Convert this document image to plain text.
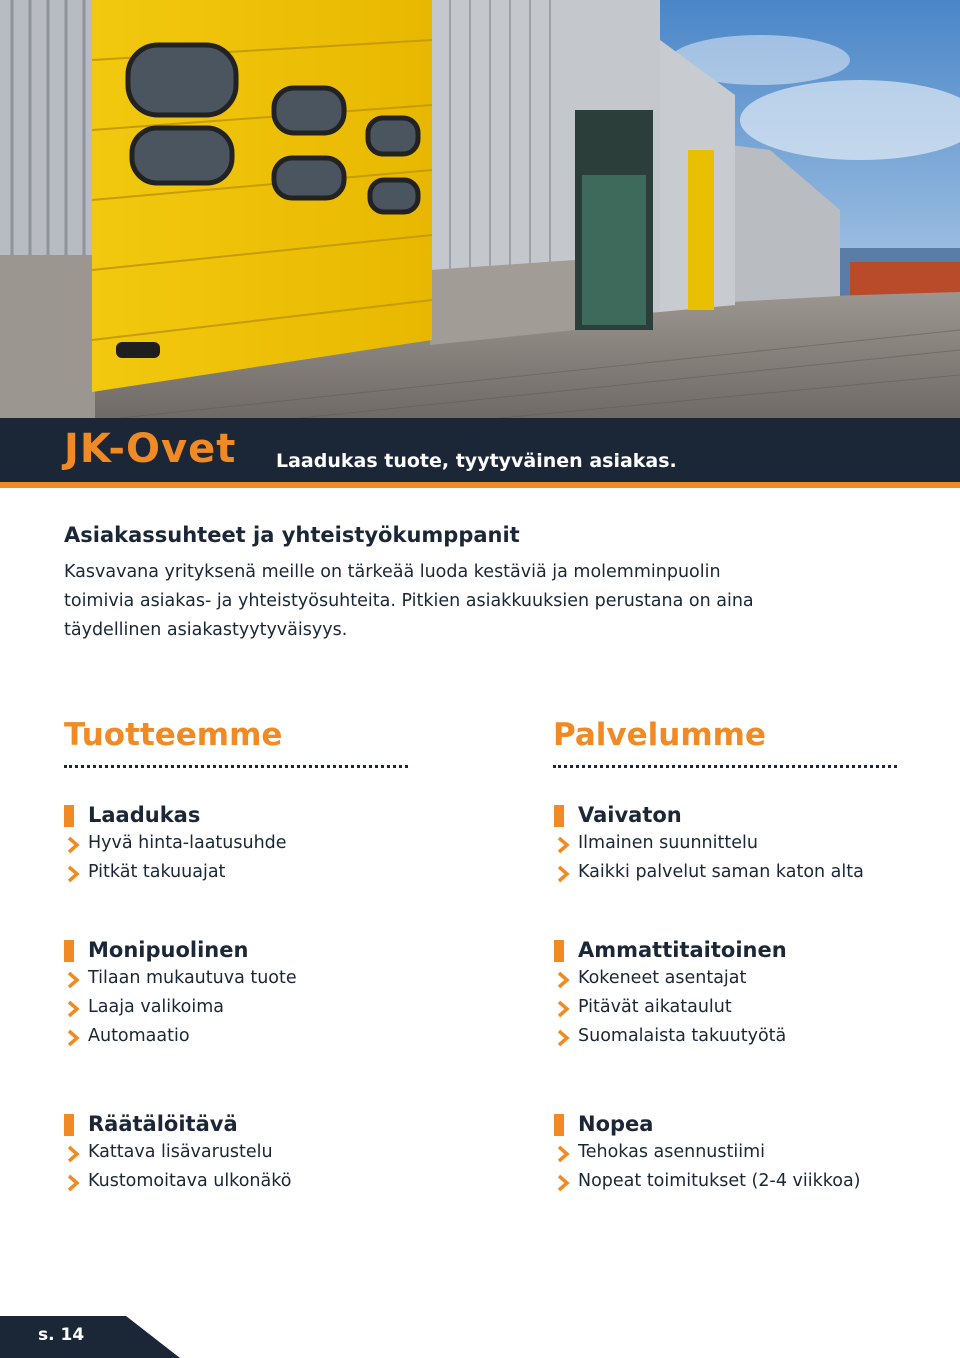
JK-Ovet Laadukas tuote, tyytyväinen asiakas.
Asiakassuhteet ja yhteistyökumppanit

Kasvavana yrityksenä meille on tärkeää luoda kestäviä ja molemminpuolin toimivia asiakas- ja yhteistyösuhteita. Pitkien asiakkuuksien perustana on aina täydellinen asiakastyytyväisyys.

Tuotteemme
Laadukas
Hyvä hinta-laatusuhde
Pitkät takuuajat
Monipuolinen
Tilaan mukautuva tuote
Laaja valikoima
Automaatio
Räätälöitävä
Kattava lisävarustelu
Kustomoitava ulkonäkö
Palvelumme
Vaivaton
Ilmainen suunnittelu
Kaikki palvelut saman katon alta
Ammattitaitoinen
Kokeneet asentajat
Pitävät aikataulut
Suomalaista takuutyötä
Nopea
Tehokas asennustiimi
Nopeat toimitukset (2-4 viikkoa)
s. 14
